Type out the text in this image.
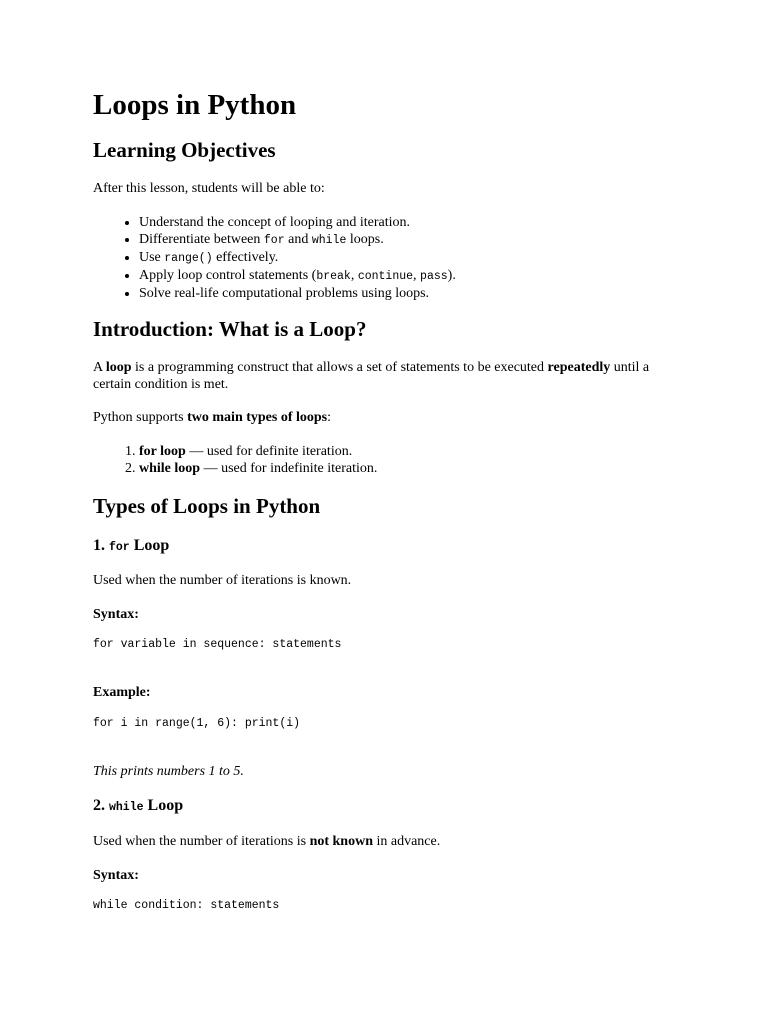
Loops in Python
Learning Objectives

After this lesson, students will be able to:

• Understand the concept of looping and iteration.
• Differentiate between for and while loops.
• Use range() effectively.
• Apply loop control statements (break, continue, pass).
• Solve real-life computational problems using loops.
Introduction: What is a Loop?

A loop is a programming construct that allows a set of statements to be executed repeatedly until a certain condition is met.

Python supports two main types of loops:

1. for loop — used for definite iteration.
2. while loop — used for indefinite iteration.
Types of Loops in Python
1. for Loop

Used when the number of iterations is known.

Syntax:

for variable in sequence: statements

Example:

for i in range(1, 6): print(i)

This prints numbers 1 to 5.

2. while Loop

Used when the number of iterations is not known in advance.

Syntax:

while condition: statements
